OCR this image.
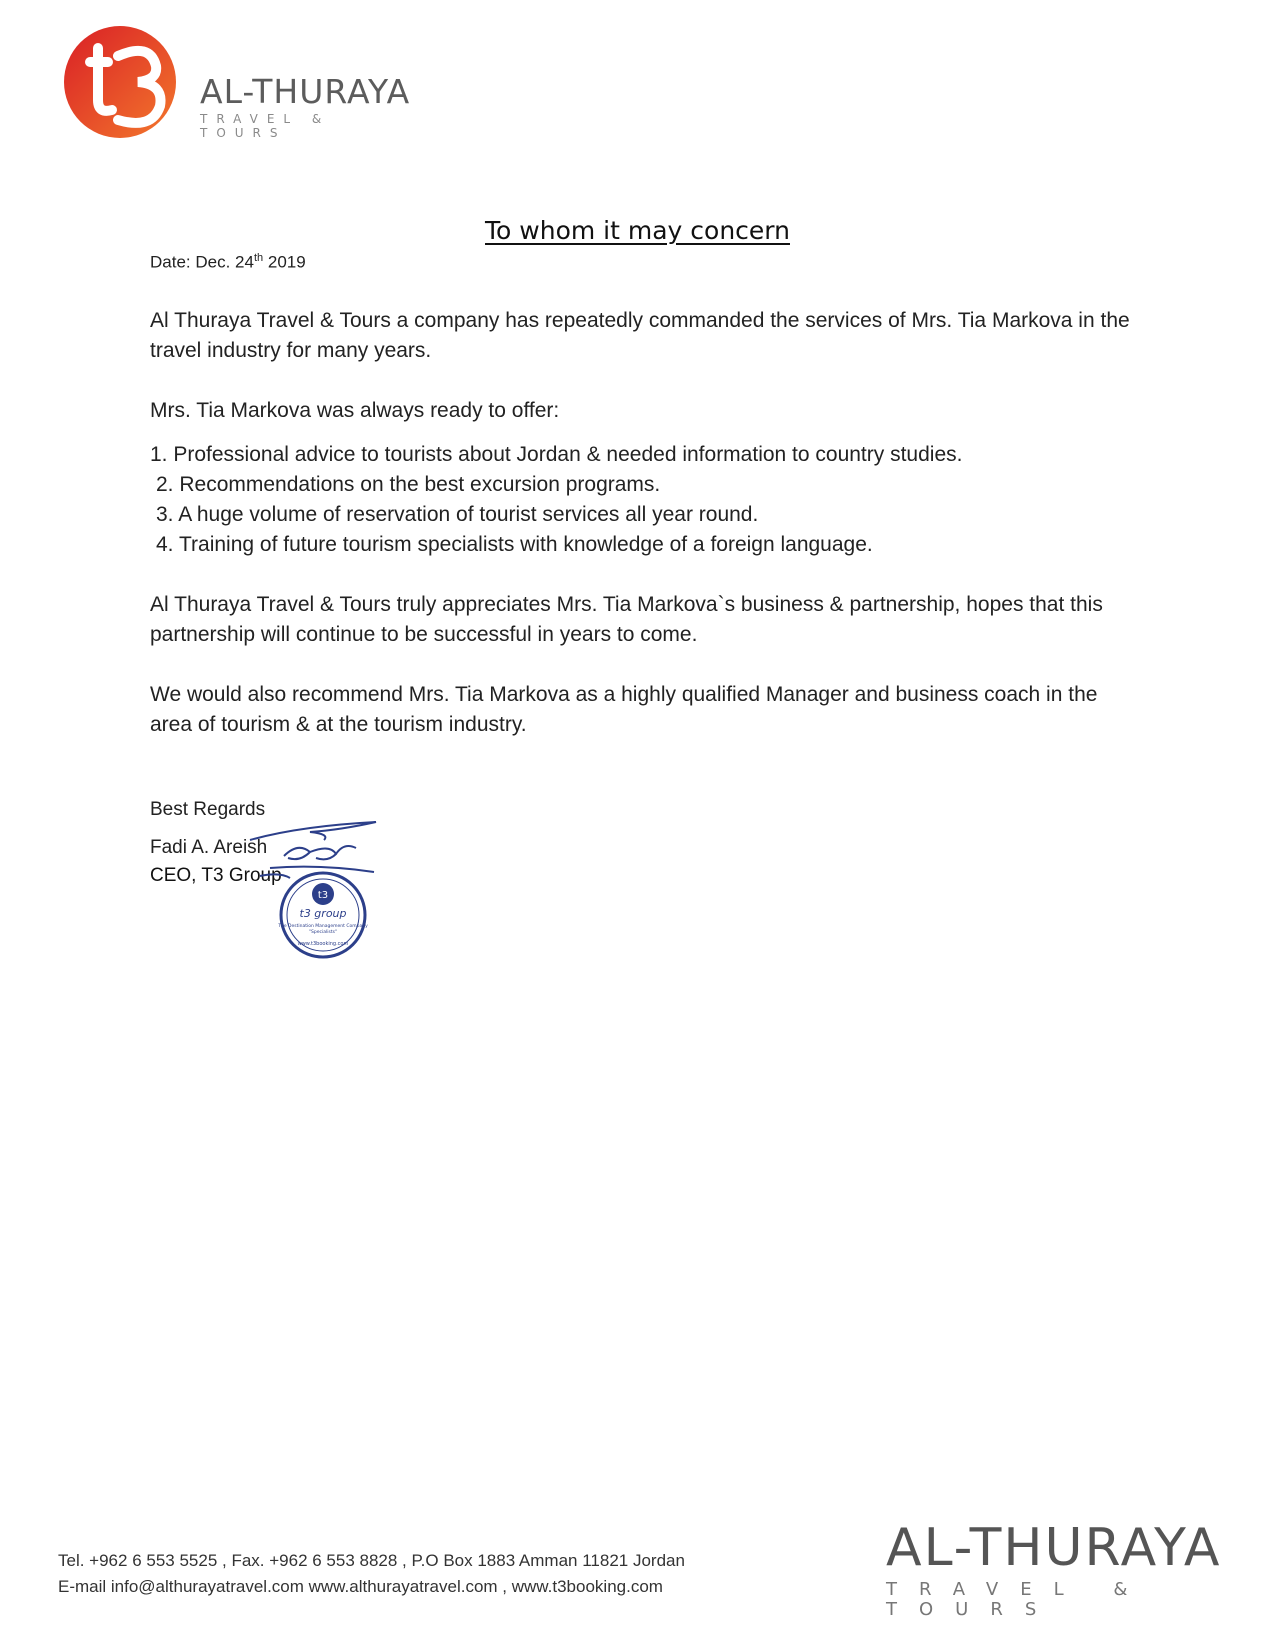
AL-THURAYA
TRAVEL & TOURS
To whom it may concern
Date: Dec. 24th 2019

Al Thuraya Travel & Tours a company has repeatedly commanded the services of Mrs. Tia Markova in the travel industry for many years.

Mrs. Tia Markova was always ready to offer:

1. Professional advice to tourists about Jordan & needed information to country studies.
2. Recommendations on the best excursion programs.
3. A huge volume of reservation of tourist services all year round.
4. Training of future tourism specialists with knowledge of a foreign language.

Al Thuraya Travel & Tours truly appreciates Mrs. Tia Markova`s business & partnership, hopes that this partnership will continue to be successful in years to come.

We would also recommend Mrs. Tia Markova as a highly qualified Manager and business coach in the area of tourism & at the tourism industry.

Best Regards
Fadi A. Areish
CEO, T3 Group
t3
t3 group
The Destination Management Company
"Specialists"
www.t3booking.com
Tel. +962 6 553 5525 , Fax. +962 6 553 8828 , P.O Box 1883 Amman 11821 Jordan
E-mail info@althurayatravel.com www.althurayatravel.com , www.t3booking.com
AL-THURAYA
TRAVEL & TOURS
